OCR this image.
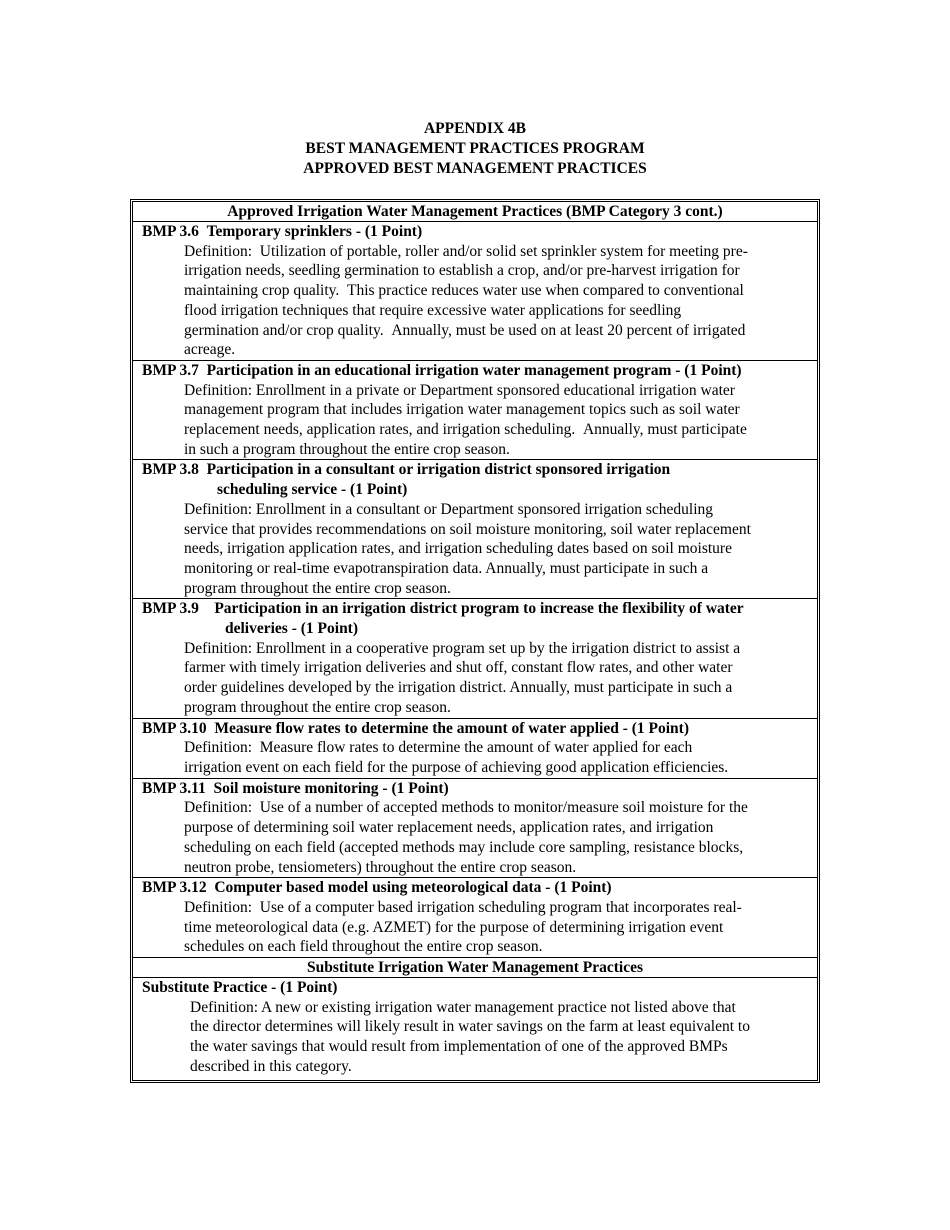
APPENDIX 4B
BEST MANAGEMENT PRACTICES PROGRAM
APPROVED BEST MANAGEMENT PRACTICES
Approved Irrigation Water Management Practices (BMP Category 3 cont.)
BMP 3.6  Temporary sprinklers - (1 Point)
Definition:  Utilization of portable, roller and/or solid set sprinkler system for meeting pre-
irrigation needs, seedling germination to establish a crop, and/or pre-harvest irrigation for
maintaining crop quality.  This practice reduces water use when compared to conventional
flood irrigation techniques that require excessive water applications for seedling
germination and/or crop quality.  Annually, must be used on at least 20 percent of irrigated
acreage.
BMP 3.7  Participation in an educational irrigation water management program - (1 Point)
Definition: Enrollment in a private or Department sponsored educational irrigation water
management program that includes irrigation water management topics such as soil water
replacement needs, application rates, and irrigation scheduling.  Annually, must participate
in such a program throughout the entire crop season.
BMP 3.8  Participation in a consultant or irrigation district sponsored irrigation
scheduling service - (1 Point)
Definition: Enrollment in a consultant or Department sponsored irrigation scheduling
service that provides recommendations on soil moisture monitoring, soil water replacement
needs, irrigation application rates, and irrigation scheduling dates based on soil moisture
monitoring or real-time evapotranspiration data. Annually, must participate in such a
program throughout the entire crop season.
BMP 3.9    Participation in an irrigation district program to increase the flexibility of water
deliveries - (1 Point)
Definition: Enrollment in a cooperative program set up by the irrigation district to assist a
farmer with timely irrigation deliveries and shut off, constant flow rates, and other water
order guidelines developed by the irrigation district. Annually, must participate in such a
program throughout the entire crop season.
BMP 3.10  Measure flow rates to determine the amount of water applied - (1 Point)
Definition:  Measure flow rates to determine the amount of water applied for each
irrigation event on each field for the purpose of achieving good application efficiencies.
BMP 3.11  Soil moisture monitoring - (1 Point)
Definition:  Use of a number of accepted methods to monitor/measure soil moisture for the
purpose of determining soil water replacement needs, application rates, and irrigation
scheduling on each field (accepted methods may include core sampling, resistance blocks,
neutron probe, tensiometers) throughout the entire crop season.
BMP 3.12  Computer based model using meteorological data - (1 Point)
Definition:  Use of a computer based irrigation scheduling program that incorporates real-
time meteorological data (e.g. AZMET) for the purpose of determining irrigation event
schedules on each field throughout the entire crop season.
Substitute Irrigation Water Management Practices
Substitute Practice - (1 Point)
Definition: A new or existing irrigation water management practice not listed above that
the director determines will likely result in water savings on the farm at least equivalent to
the water savings that would result from implementation of one of the approved BMPs
described in this category.
